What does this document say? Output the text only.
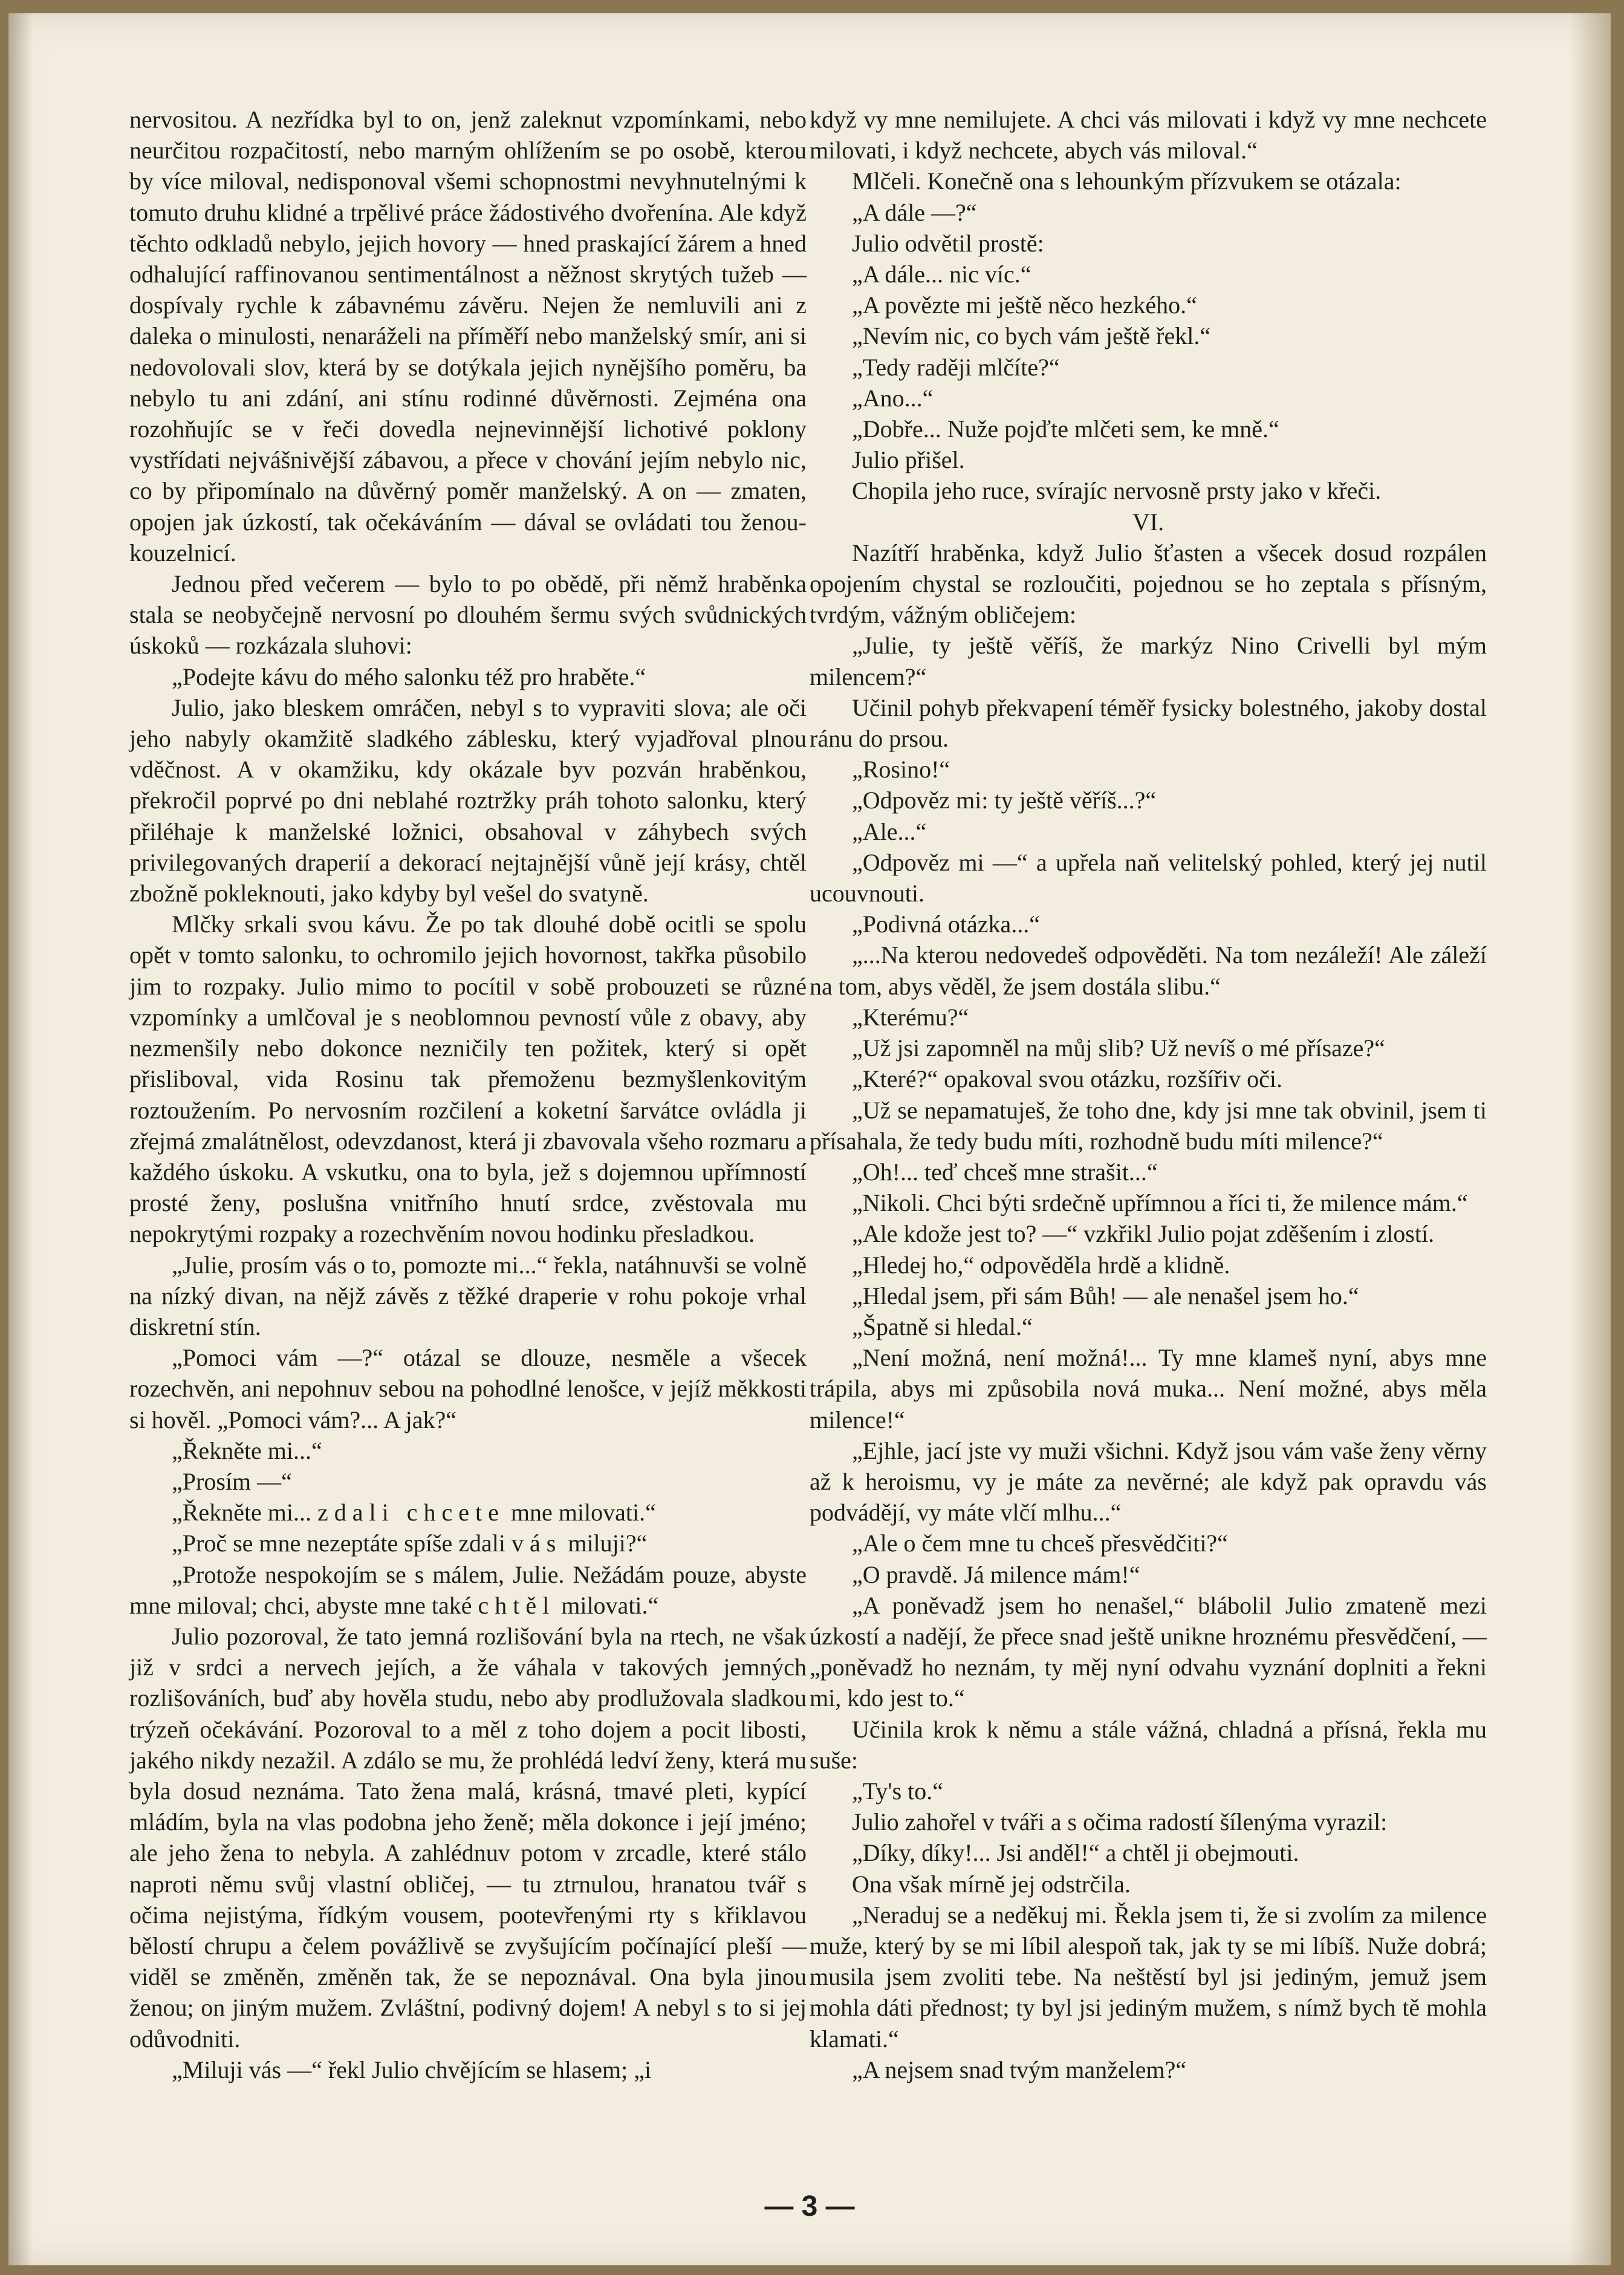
nervositou. A nezřídka byl to on, jenž zaleknut vzpomínkami, nebo neurčitou rozpačitostí, nebo marným ohlížením se po osobě, kterou by více miloval, nedisponoval všemi schopnostmi nevyhnutelnými k tomuto druhu klidné a trpělivé práce žádostivého dvořenína. Ale když těchto odkladů nebylo, jejich hovory — hned praskající žárem a hned odhalující raffinovanou sentimentálnost a něžnost skrytých tužeb — dospívaly rychle k zábavnému závěru. Nejen že nemluvili ani z daleka o minulosti, nenaráželi na příměří nebo manželský smír, ani si nedovolovali slov, která by se dotýkala jejich nynějšího poměru, ba nebylo tu ani zdání, ani stínu rodinné důvěrnosti. Zejména ona rozohňujíc se v řeči dovedla nejnevinnější lichotivé poklony vystřídati nejvášnivější zábavou, a přece v chování jejím nebylo nic, co by připomínalo na důvěrný poměr manželský. A on — zmaten, opojen jak úzkostí, tak očekáváním — dával se ovládati tou ženou-kouzelnicí.

Jednou před večerem — bylo to po obědě, při němž hraběnka stala se neobyčejně nervosní po dlouhém šermu svých svůdnických úskoků — rozkázala sluhovi:

„Podejte kávu do mého salonku též pro hraběte.“

Julio, jako bleskem omráčen, nebyl s to vypraviti slova; ale oči jeho nabyly okamžitě sladkého záblesku, který vyjadřoval plnou vděčnost. A v okamžiku, kdy okázale byv pozván hraběnkou, překročil poprvé po dni neblahé roztržky práh tohoto salonku, který přiléhaje k manželské ložnici, obsahoval v záhybech svých privilegovaných draperií a dekorací nejtajnější vůně její krásy, chtěl zbožně pokleknouti, jako kdyby byl vešel do svatyně.

Mlčky srkali svou kávu. Že po tak dlouhé době ocitli se spolu opět v tomto salonku, to ochromilo jejich hovornost, takřka působilo jim to rozpaky. Julio mimo to pocítil v sobě probouzeti se různé vzpomínky a umlčoval je s neoblomnou pevností vůle z obavy, aby nezmenšily nebo dokonce nezničily ten požitek, který si opět přisliboval, vida Rosinu tak přemoženu bezmyšlenkovitým roztoužením. Po nervosním rozčilení a koketní šarvátce ovládla ji zřejmá zmalátnělost, odevzdanost, která ji zbavovala všeho rozmaru a každého úskoku. A vskutku, ona to byla, jež s dojemnou upřímností prosté ženy, poslušna vnitřního hnutí srdce, zvěstovala mu nepokrytými rozpaky a rozechvěním novou hodinku přesladkou.

„Julie, prosím vás o to, pomozte mi...“ řekla, natáhnuvši se volně na nízký divan, na nějž závěs z těžké draperie v rohu pokoje vrhal diskretní stín.

„Pomoci vám —?“ otázal se dlouze, nesměle a všecek rozechvěn, ani nepohnuv sebou na pohodlné lenošce, v jejíž měkkosti si hověl. „Pomoci vám?... A jak?“

„Řekněte mi...“

„Prosím —“

„Řekněte mi... zdali chcete mne milovati.“

„Proč se mne nezeptáte spíše zdali vás miluji?“

„Protože nespokojím se s málem, Julie. Nežádám pouze, abyste mne miloval; chci, abyste mne také chtěl milovati.“

Julio pozoroval, že tato jemná rozlišování byla na rtech, ne však již v srdci a nervech jejích, a že váhala v takových jemných rozlišováních, buď aby hověla studu, nebo aby prodlužovala sladkou trýzeň očekávání. Pozoroval to a měl z toho dojem a pocit libosti, jakého nikdy nezažil. A zdálo se mu, že prohlédá ledví ženy, která mu byla dosud neznáma. Tato žena malá, krásná, tmavé pleti, kypící mládím, byla na vlas podobna jeho ženě; měla dokonce i její jméno; ale jeho žena to nebyla. A zahlédnuv potom v zrcadle, které stálo naproti němu svůj vlastní obličej, — tu ztrnulou, hranatou tvář s očima nejistýma, řídkým vousem, pootevřenými rty s křiklavou bělostí chrupu a čelem povážlivě se zvyšujícím počínající pleší — viděl se změněn, změněn tak, že se nepoznával. Ona byla jinou ženou; on jiným mužem. Zvláštní, podivný dojem! A nebyl s to si jej odůvodniti.

„Miluji vás —“ řekl Julio chvějícím se hlasem; „i

když vy mne nemilujete. A chci vás milovati i když vy mne nechcete milovati, i když nechcete, abych vás miloval.“

Mlčeli. Konečně ona s lehounkým přízvukem se otázala:

„A dále —?“

Julio odvětil prostě:

„A dále... nic víc.“

„A povězte mi ještě něco hezkého.“

„Nevím nic, co bych vám ještě řekl.“

„Tedy raději mlčíte?“

„Ano...“

„Dobře... Nuže pojďte mlčeti sem, ke mně.“

Julio přišel.

Chopila jeho ruce, svírajíc nervosně prsty jako v křeči.

VI.

Nazítří hraběnka, když Julio šťasten a všecek dosud rozpálen opojením chystal se rozloučiti, pojednou se ho zeptala s přísným, tvrdým, vážným obličejem:

„Julie, ty ještě věříš, že markýz Nino Crivelli byl mým milencem?“

Učinil pohyb překvapení téměř fysicky bolestného, jakoby dostal ránu do prsou.

„Rosino!“

„Odpověz mi: ty ještě věříš...?“

„Ale...“

„Odpověz mi —“ a upřela naň velitelský pohled, který jej nutil ucouvnouti.

„Podivná otázka...“

„...Na kterou nedovedeš odpověděti. Na tom nezáleží! Ale záleží na tom, abys věděl, že jsem dostála slibu.“

„Kterému?“

„Už jsi zapomněl na můj slib? Už nevíš o mé přísaze?“

„Které?“ opakoval svou otázku, rozšířiv oči.

„Už se nepamatuješ, že toho dne, kdy jsi mne tak obvinil, jsem ti přísahala, že tedy budu míti, rozhodně budu míti milence?“

„Oh!... teď chceš mne strašit...“

„Nikoli. Chci býti srdečně upřímnou a říci ti, že milence mám.“

„Ale kdože jest to? —“ vzkřikl Julio pojat zděšením i zlostí.

„Hledej ho,“ odpověděla hrdě a klidně.

„Hledal jsem, při sám Bůh! — ale nenašel jsem ho.“

„Špatně si hledal.“

„Není možná, není možná!... Ty mne klameš nyní, abys mne trápila, abys mi způsobila nová muka... Není možné, abys měla milence!“

„Ejhle, jací jste vy muži všichni. Když jsou vám vaše ženy věrny až k heroismu, vy je máte za nevěrné; ale když pak opravdu vás podvádějí, vy máte vlčí mlhu...“

„Ale o čem mne tu chceš přesvědčiti?“

„O pravdě. Já milence mám!“

„A poněvadž jsem ho nenašel,“ blábolil Julio zmateně mezi úzkostí a nadějí, že přece snad ještě unikne hroznému přesvědčení, — „poněvadž ho neznám, ty měj nyní odvahu vyznání doplniti a řekni mi, kdo jest to.“

Učinila krok k němu a stále vážná, chladná a přísná, řekla mu suše:

„Ty's to.“

Julio zahořel v tváři a s očima radostí šílenýma vyrazil:

„Díky, díky!... Jsi anděl!“ a chtěl ji obejmouti.

Ona však mírně jej odstrčila.

„Neraduj se a neděkuj mi. Řekla jsem ti, že si zvolím za milence muže, který by se mi líbil alespoň tak, jak ty se mi líbíš. Nuže dobrá; musila jsem zvoliti tebe. Na neštěstí byl jsi jediným, jemuž jsem mohla dáti přednost; ty byl jsi jediným mužem, s nímž bych tě mohla klamati.“

„A nejsem snad tvým manželem?“

— 3 —
